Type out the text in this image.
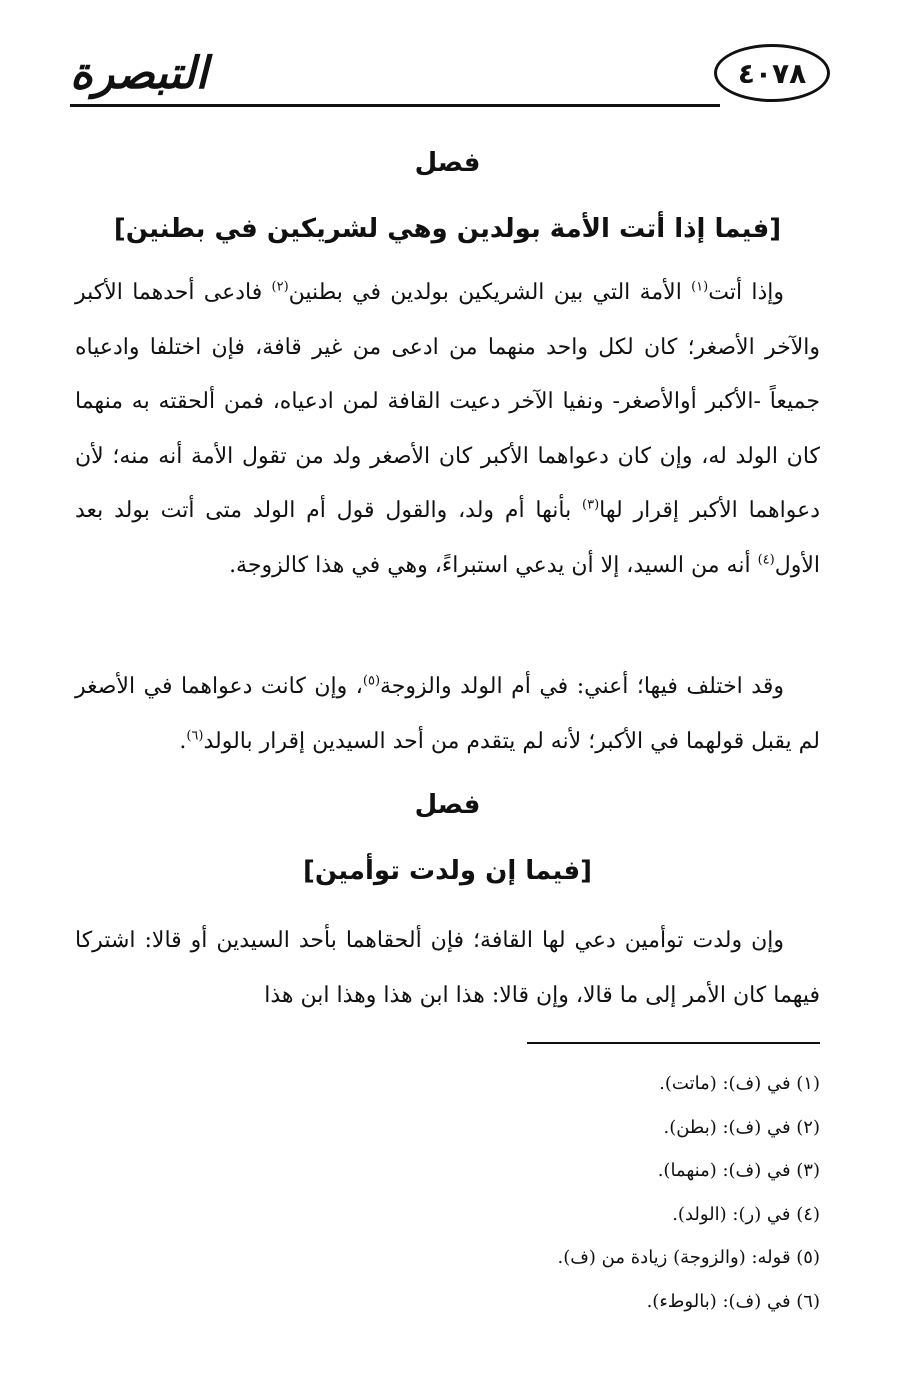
التبصرة	٤٠٧٨
فصل
[فيما إذا أتت الأمة بولدين وهي لشريكين في بطنين]

وإذا أتت$^{(١)}$ الأمة التي بين الشريكين بولدين في بطنين$^{(٢)}$ فادعى أحدهما الأكبر والآخر الأصغر؛ كان لكل واحد منهما من ادعى من غير قافة، فإن اختلفا وادعياه جميعاً -الأكبر أوالأصغر- ونفيا الآخر دعيت القافة لمن ادعياه، فمن ألحقته به منهما كان الولد له، وإن كان دعواهما الأكبر كان الأصغر ولد من تقول الأمة أنه منه؛ لأن دعواهما الأكبر إقرار لها$^{(٣)}$ بأنها أم ولد، والقول قول أم الولد متى أتت بولد بعد الأول$^{(٤)}$ أنه من السيد، إلا أن يدعي استبراءً، وهي في هذا كالزوجة.

وقد اختلف فيها؛ أعني: في أم الولد والزوجة$^{(٥)}$، وإن كانت دعواهما في الأصغر لم يقبل قولهما في الأكبر؛ لأنه لم يتقدم من أحد السيدين إقرار بالولد$^{(٦)}$.

فصل
[فيما إن ولدت توأمين]

وإن ولدت توأمين دعي لها القافة؛ فإن ألحقاهما بأحد السيدين أو قالا: اشتركا فيهما كان الأمر إلى ما قالا، وإن قالا: هذا ابن هذا وهذا ابن هذا

(١) في (ف): (ماتت).
(٢) في (ف): (بطن).
(٣) في (ف): (منهما).
(٤) في (ر): (الولد).
(٥) قوله: (والزوجة) زيادة من (ف).
(٦) في (ف): (بالوطء).
